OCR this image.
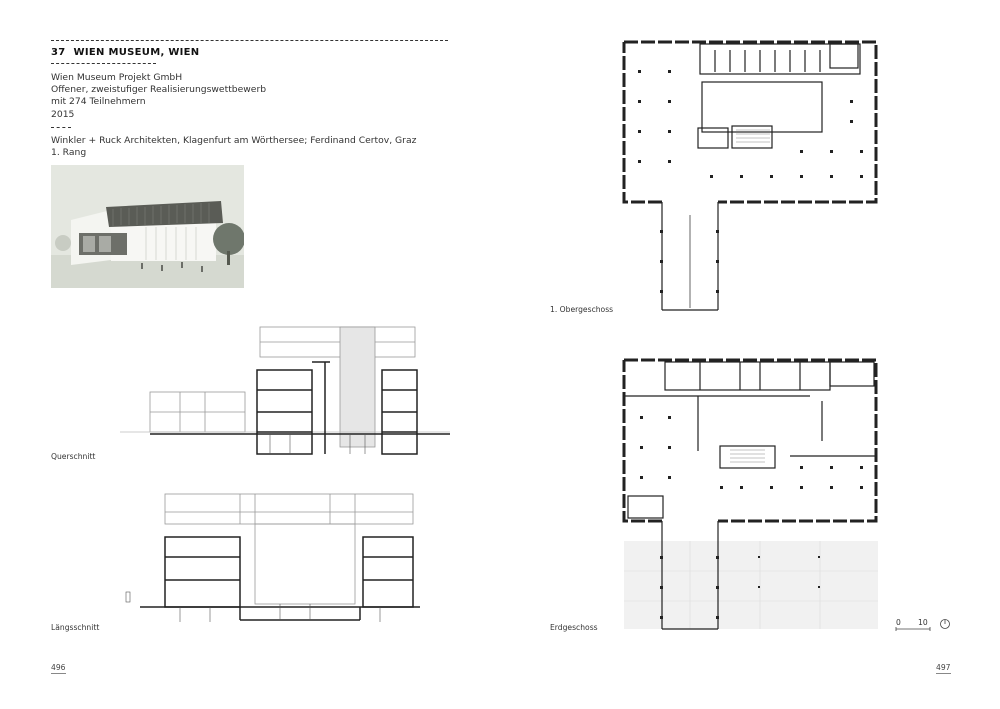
37 WIEN MUSEUM, WIEN
Wien Museum Projekt GmbH
Offener, zweistufiger Realisierungswettbewerb
mit 274 Teilnehmern
2015
Winkler + Ruck Architekten, Klagenfurt am Wörthersee; Ferdinand Certov, Graz
1. Rang
Querschnitt
Längsschnitt
496
1. Obergeschoss
Erdgeschoss
0 10
497
